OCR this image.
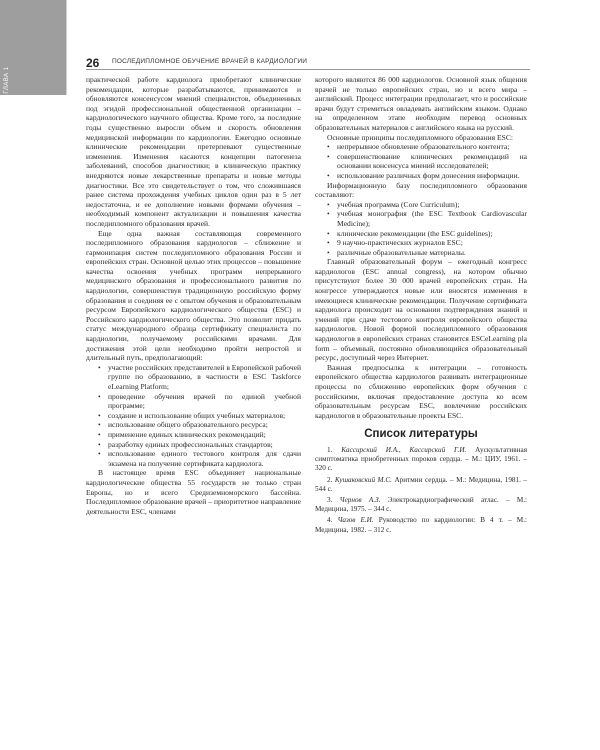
ГЛАВА 1
26 ПОСЛЕДИПЛОМНОЕ ОБУЧЕНИЕ ВРАЧЕЙ В КАРДИОЛОГИИ

практической работе кардиолога приобретают клинические рекомендации, которые разрабатываются, принимаются и обновляются консенсусом мнений специалистов, объединенных под эгидой профессиональной общественной организации – кардиологического научного общества. Кроме того, за последние годы существенно выросли объем и скорость обновления медицинской информации по кардиологии. Ежегодно основные клинические рекомендации претерпевают существенные изменения. Изменения касаются концепции патогенеза заболеваний, способов диагностики; в клиническую практику внедряются новые лекарственные препараты и новые методы диагностики. Все это свидетельствует о том, что сложившаяся ранее система прохождения учебных циклов один раз в 5 лет недостаточна, и ее дополнение новыми формами обучения – необходимый компонент актуализации и повышения качества последипломного образования врачей.

Еще одна важная составляющая современного последипломного образования кардиологов – сближение и гармонизация систем последипломного образования России и европейских стран. Основной целью этих процессов – повышение качества освоения учебных программ непрерывного медицинского образования и профессионального развития по кардиологии, совершенствуя традиционную российскую форму образования и соединяя ее с опытом обучения и образовательным ресурсом Европейского кардиологического общества (ESC) и Российского кардиологического общества. Это позволит придать статус международного образца сертификату специалиста по кардиологии, получаемому российскими врачами. Для достижения этой цели необходимо пройти непростой и длительный путь, предполагающий:

• участие российских представителей в Европейской рабочей группе по образованию, в частности в ESC Taskforce eLearning Platform;
• проведение обучения врачей по единой учебной программе;
• создание и использование общих учебных материалов;
• использование общего образовательного ресурса;
• применение единых клинических рекомендаций;
• разработку единых профессиональных стандартов;
• использование единого тестового контроля для сдачи экзамена на получение сертификата кардиолога.

В настоящее время ESC объединяет национальные кардиологические общества 55 государств не только стран Европы, но и всего Средиземноморского бассейна. Последипломное образование врачей – приоритетное направление деятельности ESC, членами

которого являются 86 000 кардиологов. Основной язык общения врачей не только европейских стран, но и всего мира – английский. Процесс интеграции предполагает, что и российские врачи будут стремиться овладевать английским языком. Однако на определенном этапе необходим перевод основных образовательных материалов с английского языка на русский.

Основные принципы последипломного образования ESC:

• непрерывное обновление образовательного контента;
• совершенствование клинических рекомендаций на основании консенсуса мнений исследователей;
• использование различных форм донесения информации.

Информационную базу последипломного образования составляют:

• учебная программа (Core Curriculum);
• учебная монография (the ESC Textbook Cardiovascular Medicine);
• клинические рекомендации (the ESC guidelines);
• 9 научно-практических журналов ESC;
• различные образовательные материалы.

Главный образовательный форум – ежегодный конгресс кардиологов (ESC annual congress), на котором обычно присутствуют более 30 000 врачей европейских стран. На конгрессе утверждаются новые или вносятся изменения в имеющиеся клинические рекомендации. Получение сертификата кардиолога происходит на основании подтверждения знаний и умений при сдаче тестового контроля европейского общества кардиологов. Новой формой последипломного образования кардиологов в европейских странах становится ESCeLearning pla form – объемный, постоянно обновляющийся образовательный ресурс, доступный через Интернет.

Важная предпосылка к интеграции – готовность европейского общества кардиологов развивать интеграционные процессы по сближению европейских форм обучения с российскими, включая предоставление доступа ко всем образовательным ресурсам ESC, вовлечение российских кардиологов в образовательные проекты ESC.

Список литературы

1. Кассирский И.А., Кассирский Г.И. Аускультативная симптоматика приобретенных пороков сердца. – М.: ЦИУ, 1961. – 320 с.

2. Кушаковский М.С. Аритмии сердца. – М.: Медицина, 1981. – 544 с.

3. Чернов А.З. Электрокардиографический атлас. – М.: Медицина, 1975. – 344 с.

4. Чазов Е.И. Руководство по кардиологии: В 4 т. – М.: Медицина, 1982. – 312 с.
